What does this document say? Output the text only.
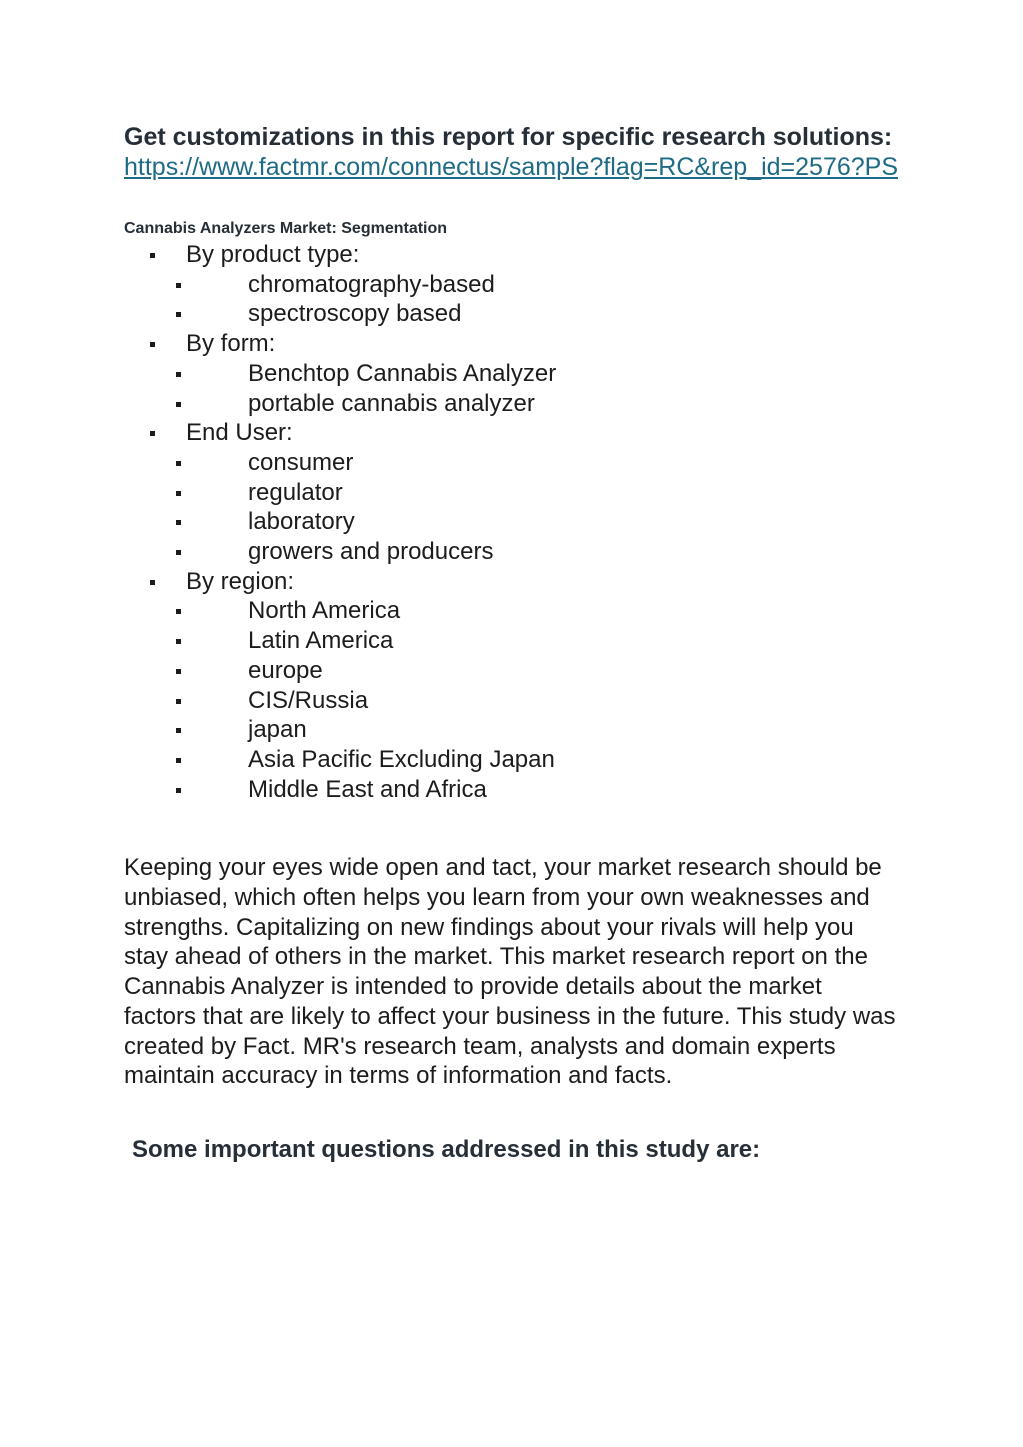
Get customizations in this report for specific research solutions: https://www.factmr.com/connectus/sample?flag=RC&rep_id=2576?PS

Cannabis Analyzers Market: Segmentation
By product type:
chromatography-based
spectroscopy based
By form:
Benchtop Cannabis Analyzer
portable cannabis analyzer
End User:
consumer
regulator
laboratory
growers and producers
By region:
North America
Latin America
europe
CIS/Russia
japan
Asia Pacific Excluding Japan
Middle East and Africa

Keeping your eyes wide open and tact, your market research should be unbiased, which often helps you learn from your own weaknesses and strengths. Capitalizing on new findings about your rivals will help you stay ahead of others in the market. This market research report on the Cannabis Analyzer is intended to provide details about the market factors that are likely to affect your business in the future. This study was created by Fact. MR's research team, analysts and domain experts maintain accuracy in terms of information and facts.

Some important questions addressed in this study are:
